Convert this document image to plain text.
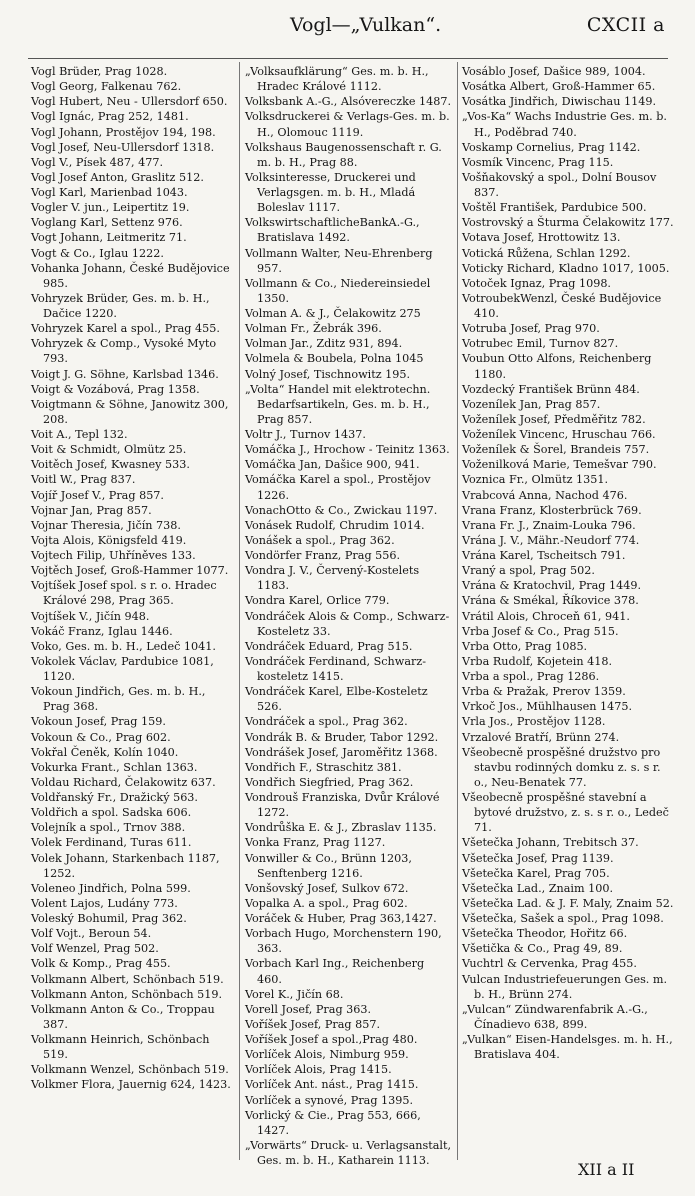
Vogl—„Vulkan“.	CXCII a

Vogl Brüder, Prag 1028.

Vogl Georg, Falkenau 762.

Vogl Hubert, Neu - Ullersdorf 650.

Vogl Ignác, Prag 252, 1481.

Vogl Johann, Prostějov 194, 198.

Vogl Josef, Neu-Ullersdorf 1318.

Vogl V., Písek 487, 477.

Vogl Josef Anton, Graslitz 512.

Vogl Karl, Marienbad 1043.

Vogler V. jun., Leipertitz 19.

Voglang Karl, Settenz 976.

Vogt Johann, Leitmeritz 71.

Vogt & Co., Iglau 1222.

Vohanka Johann, České Budějovice 985.

Vohryzek Brüder, Ges. m. b. H., Dačice 1220.

Vohryzek Karel a spol., Prag 455.

Vohryzek & Comp., Vysoké Myto 793.

Voigt J. G. Söhne, Karlsbad 1346.

Voigt & Vozábová, Prag 1358.

Voigtmann & Söhne, Janowitz 300, 208.

Voit A., Tepl 132.

Voit & Schmidt, Olmütz 25.

Voitěch Josef, Kwasney 533.

Voitl W., Prag 837.

Vojíř Josef V., Prag 857.

Vojnar Jan, Prag 857.

Vojnar Theresia, Jičín 738.

Vojta Alois, Königsfeld 419.

Vojtech Filip, Uhříněves 133.

Vojtěch Josef, Groß-Hammer 1077.

Vojtíšek Josef spol. s r. o. Hradec Králové 298, Prag 365.

Vojtíšek V., Jičín 948.

Vokáč Franz, Iglau 1446.

Voko, Ges. m. b. H., Ledeč 1041.

Vokolek Václav, Pardubice 1081, 1120.

Vokoun Jindřich, Ges. m. b. H., Prag 368.

Vokoun Josef, Prag 159.

Vokoun & Co., Prag 602.

Vokřal Čeněk, Kolín 1040.

Vokurka Frant., Schlan 1363.

Voldau Richard, Čelakowitz 637.

Voldřanský Fr., Dražický 563.

Voldřich a spol. Sadska 606.

Volejník a spol., Trnov 388.

Volek Ferdinand, Turas 611.

Volek Johann, Starkenbach 1187, 1252.

Voleneo Jindřich, Polna 599.

Volent Lajos, Ludány 773.

Voleský Bohumil, Prag 362.

Volf Vojt., Beroun 54.

Volf Wenzel, Prag 502.

Volk & Komp., Prag 455.

Volkmann Albert, Schönbach 519.

Volkmann Anton, Schönbach 519.

Volkmann Anton & Co., Troppau 387.

Volkmann Heinrich, Schönbach 519.

Volkmann Wenzel, Schönbach 519.

Volkmer Flora, Jauernig 624, 1423.

„Volksaufklärung“ Ges. m. b. H., Hradec Králové 1112.

Volksbank A.-G., Alsóvereczke 1487.

Volksdruckerei & Verlags-Ges. m. b. H., Olomouc 1119.

Volkshaus Baugenossenschaft r. G. m. b. H., Prag 88.

Volksinteresse, Druckerei und Verlagsgen. m. b. H., Mladá Boleslav 1117.

VolkswirtschaftlicheBankA.-G., Bratislava 1492.

Vollmann Walter, Neu-Ehrenberg 957.

Vollmann & Co., Niedereinsiedel 1350.

Volman A. & J., Čelakowitz 275

Volman Fr., Žebrák 396.

Volman Jar., Zditz 931, 894.

Volmela & Boubela, Polna 1045

Volný Josef, Tischnowitz 195.

„Volta“ Handel mit elektrotechn. Bedarfsartikeln, Ges. m. b. H., Prag 857.

Voltr J., Turnov 1437.

Vomáčka J., Hrochow - Teinitz 1363.

Vomáčka Jan, Dašice 900, 941.

Vomáčka Karel a spol., Prostějov 1226.

VonachOtto & Co., Zwickau 1197.

Vonásek Rudolf, Chrudim 1014.

Vonášek a spol., Prag 362.

Vondörfer Franz, Prag 556.

Vondra J. V., Červený-Kostelets 1183.

Vondra Karel, Orlice 779.

Vondráček Alois & Comp., Schwarz-Kosteletz 33.

Vondráček Eduard, Prag 515.

Vondráček Ferdinand, Schwarz-kosteletz 1415.

Vondráček Karel, Elbe-Kosteletz 526.

Vondráček a spol., Prag 362.

Vondrák B. & Bruder, Tabor 1292.

Vondrášek Josef, Jaroměřitz 1368.

Vondřich F., Straschitz 381.

Vondřich Siegfried, Prag 362.

Vondrouš Franziska, Dvůr Králové 1272.

Vondrůška E. & J., Zbraslav 1135.

Vonka Franz, Prag 1127.

Vonwiller & Co., Brünn 1203, Senftenberg 1216.

Vonšovský Josef, Sulkov 672.

Vopalka A. a spol., Prag 602.

Voráček & Huber, Prag 363,1427.

Vorbach Hugo, Morchenstern 190, 363.

Vorbach Karl Ing., Reichenberg 460.

Vorel K., Jičín 68.

Vorell Josef, Prag 363.

Voříšek Josef, Prag 857.

Voříšek Josef a spol.,Prag 480.

Vorlíček Alois, Nimburg 959.

Vorlíček Alois, Prag 1415.

Vorlíček Ant. nást., Prag 1415.

Vorlíček a synové, Prag 1395.

Vorlický & Cie., Prag 553, 666, 1427.

„Vorwärts“ Druck- u. Verlagsanstalt, Ges. m. b. H., Katharein 1113.

Vosáblo Josef, Dašice 989, 1004.

Vosátka Albert, Groß-Hammer 65.

Vosátka Jindřich, Diwischau 1149.

„Vos-Ka“ Wachs Industrie Ges. m. b. H., Poděbrad 740.

Voskamp Cornelius, Prag 1142.

Vosmík Vincenc, Prag 115.

Vošňakovský a spol., Dolní Bousov 837.

Voštěl František, Pardubice 500.

Vostrovský a Šturma Čelakowitz 177.

Votava Josef, Hrottowitz 13.

Votická Růžena, Schlan 1292.

Voticky Richard, Kladno 1017, 1005.

Votoček Ignaz, Prag 1098.

VotroubekWenzl, České Budějovice 410.

Votruba Josef, Prag 970.

Votrubec Emil, Turnov 827.

Voubun Otto Alfons, Reichenberg 1180.

Vozdecký František Brünn 484.

Vozenílek Jan, Prag 857.

Voženílek Josef, Předměřitz 782.

Voženílek Vincenc, Hruschau 766.

Voženílek & Šorel, Brandeis 757.

Voženilková Marie, Temešvar 790.

Voznica Fr., Olmütz 1351.

Vrabcová Anna, Nachod 476.

Vrana Franz, Klosterbrück 769.

Vrana Fr. J., Znaim-Louka 796.

Vrána J. V., Mähr.-Neudorf 774.

Vrána Karel, Tscheitsch 791.

Vraný a spol, Prag 502.

Vrána & Kratochvil, Prag 1449.

Vrána & Smékal, Říkovice 378.

Vrátil Alois, Chroceň 61, 941.

Vrba Josef & Co., Prag 515.

Vrba Otto, Prag 1085.

Vrba Rudolf, Kojetein 418.

Vrba a spol., Prag 1286.

Vrba & Pražak, Prerov 1359.

Vrkoč Jos., Mühlhausen 1475.

Vrla Jos., Prostějov 1128.

Vrzalové Bratří, Brünn 274.

Všeobecně prospěšné družstvo pro stavbu rodinných domku z. s. s r. o., Neu-Benatek 77.

Všeobecně prospěšné stavební a bytové družstvo, z. s. s r. o., Ledeč 71.

Všetečka Johann, Trebitsch 37.

Všetečka Josef, Prag 1139.

Všetečka Karel, Prag 705.

Všetečka Lad., Znaim 100.

Všetečka Lad. & J. F. Maly, Znaim 52.

Všetečka, Sašek a spol., Prag 1098.

Všetečka Theodor, Hořitz 66.

Všetička & Co., Prag 49, 89.

Vuchtrl & Cervenka, Prag 455.

Vulcan Industriefeuerungen Ges. m. b. H., Brünn 274.

„Vulcan“ Zündwarenfabrik A.-G., Čínadievo 638, 899.

„Vulkan“ Eisen-Handelsges. m. h. H., Bratislava 404.

XII a II
